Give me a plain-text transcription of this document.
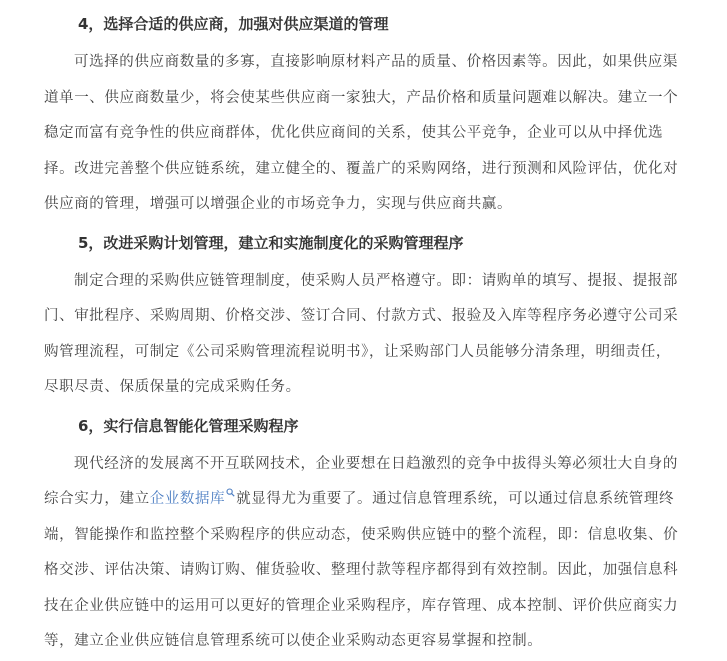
4，选择合适的供应商，加强对供应渠道的管理

可选择的供应商数量的多寡，直接影响原材料产品的质量、价格因素等。因此，如果供应渠
道单一、供应商数量少，将会使某些供应商一家独大，产品价格和质量问题难以解决。建立一个
稳定而富有竞争性的供应商群体，优化供应商间的关系，使其公平竞争，企业可以从中择优选
择。改进完善整个供应链系统，建立健全的、覆盖广的采购网络，进行预测和风险评估，优化对
供应商的管理，增强可以增强企业的市场竞争力，实现与供应商共赢。

5，改进采购计划管理，建立和实施制度化的采购管理程序

制定合理的采购供应链管理制度，使采购人员严格遵守。即：请购单的填写、提报、提报部
门、审批程序、采购周期、价格交涉、签订合同、付款方式、报验及入库等程序务必遵守公司采
购管理流程，可制定《公司采购管理流程说明书》，让采购部门人员能够分清条理，明细责任，
尽职尽责、保质保量的完成采购任务。

6，实行信息智能化管理采购程序

现代经济的发展离不开互联网技术，企业要想在日趋激烈的竞争中拔得头筹必须壮大自身的
综合实力，建立企业数据库 就显得尤为重要了。通过信息管理系统，可以通过信息系统管理终
端，智能操作和监控整个采购程序的供应动态，使采购供应链中的整个流程，即：信息收集、价
格交涉、评估决策、请购订购、催货验收、整理付款等程序都得到有效控制。因此，加强信息科
技在企业供应链中的运用可以更好的管理企业采购程序，库存管理、成本控制、评价供应商实力
等，建立企业供应链信息管理系统可以使企业采购动态更容易掌握和控制。
